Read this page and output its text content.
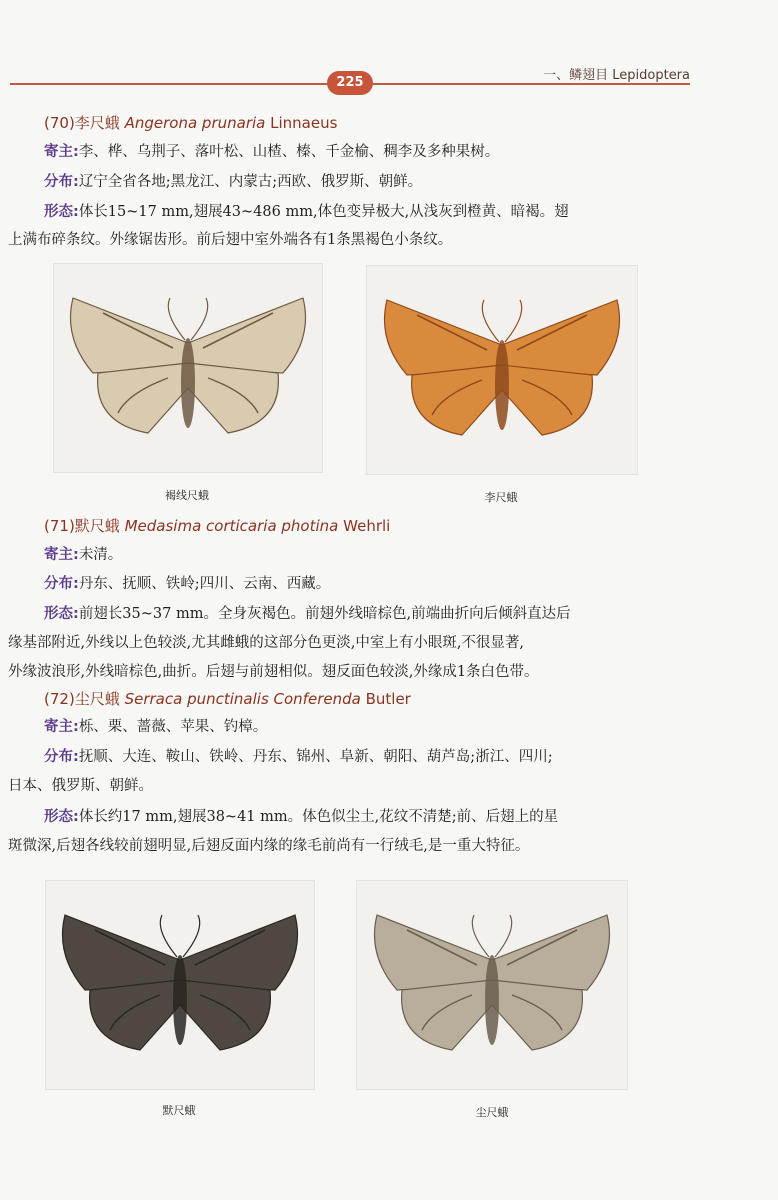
225	一、鳞翅目 Lepidoptera
(70)李尺蛾 Angerona prunaria Linnaeus
寄主:李、桦、乌荆子、落叶松、山楂、榛、千金榆、稠李及多种果树。
分布:辽宁全省各地;黑龙江、内蒙古;西欧、俄罗斯、朝鲜。
形态:体长15~17 mm,翅展43~486 mm,体色变异极大,从浅灰到橙黄、暗褐。翅
上满布碎条纹。外缘锯齿形。前后翅中室外端各有1条黑褐色小条纹。
褐线尺蛾	李尺蛾
(71)默尺蛾 Medasima corticaria photina Wehrli
寄主:未清。
分布:丹东、抚顺、铁岭;四川、云南、西藏。
形态:前翅长35~37 mm。全身灰褐色。前翅外线暗棕色,前端曲折向后倾斜直达后
缘基部附近,外线以上色较淡,尤其雌蛾的这部分色更淡,中室上有小眼斑,不很显著,
外缘波浪形,外线暗棕色,曲折。后翅与前翅相似。翅反面色较淡,外缘成1条白色带。
(72)尘尺蛾 Serraca punctinalis Conferenda Butler
寄主:栎、栗、蔷薇、苹果、钓樟。
分布:抚顺、大连、鞍山、铁岭、丹东、锦州、阜新、朝阳、葫芦岛;浙江、四川;
日本、俄罗斯、朝鲜。
形态:体长约17 mm,翅展38~41 mm。体色似尘土,花纹不清楚;前、后翅上的星
斑微深,后翅各线较前翅明显,后翅反面内缘的缘毛前尚有一行绒毛,是一重大特征。
默尺蛾	尘尺蛾
